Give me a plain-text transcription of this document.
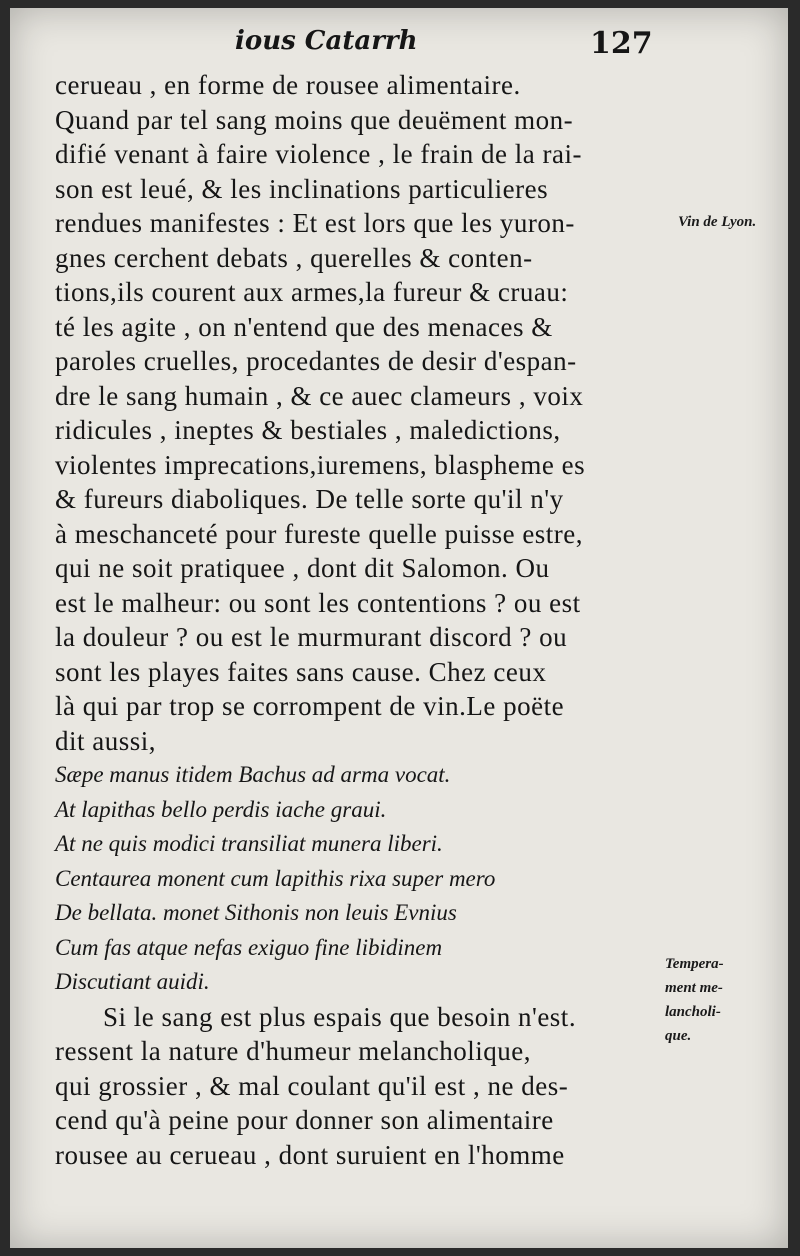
ious Catarrh	127
cerueau , en forme de rousee alimentaire.
Quand par tel sang moins que deuëment mon-
difié venant à faire violence , le frain de la rai-
son est leué, & les inclinations particulieres
rendues manifestes : Et est lors que les yuron-
gnes cerchent debats , querelles & conten-
tions,ils courent aux armes,la fureur & cruau:
té les agite , on n'entend que des menaces &
paroles cruelles, procedantes de desir d'espan-
dre le sang humain , & ce auec clameurs , voix
ridicules , ineptes & bestiales , maledictions,
violentes imprecations,iuremens, blaspheme es
& fureurs diaboliques. De telle sorte qu'il n'y
à meschanceté pour fureste quelle puisse estre,
qui ne soit pratiquee , dont dit Salomon. Ou
est le malheur: ou sont les contentions ? ou est
la douleur ? ou est le murmurant discord ? ou
sont les playes faites sans cause. Chez ceux
là qui par trop se corrompent de vin.Le poëte
dit aussi,
Sæpe manus itidem Bachus ad arma vocat.
At lapithas bello perdis iache graui.
At ne quis modici transiliat munera liberi.
Centaurea monent cum lapithis rixa super mero
De bellata. monet Sithonis non leuis Evnius
Cum fas atque nefas exiguo fine libidinem
Discutiant auidi.
Si le sang est plus espais que besoin n'est.
ressent la nature d'humeur melancholique,
qui grossier , & mal coulant qu'il est , ne des-
cend qu'à peine pour donner son alimentaire
rousee au cerueau , dont suruient en l'homme
Vin de Lyon.
Tempera-
ment me-
lancholi-
que.
